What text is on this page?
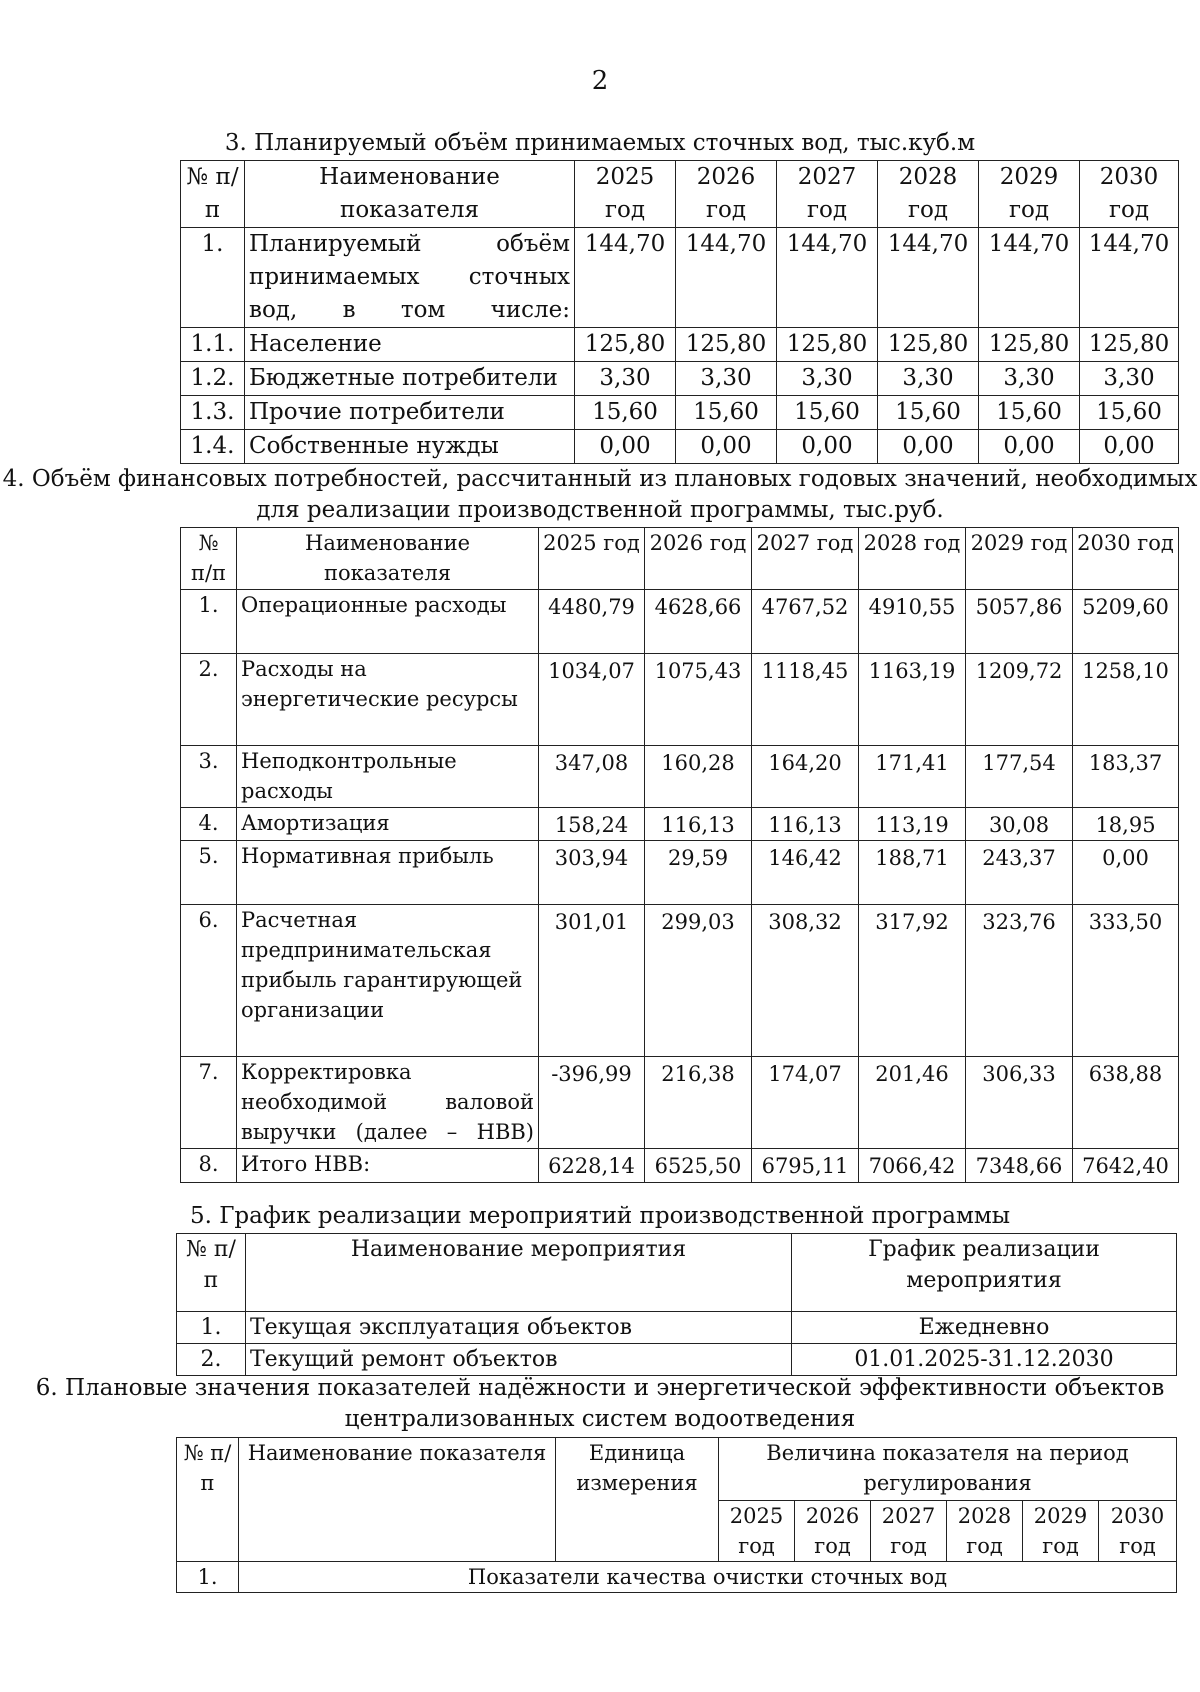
2
3. Планируемый объём принимаемых сточных вод, тыс.куб.м
№ п/п	Наименование показателя	2025 год	2026 год	2027 год	2028 год	2029 год	2030 год
1.	Планируемый объём принимаемых сточных вод, в том числе:	144,70	144,70	144,70	144,70	144,70	144,70
1.1.	Население	125,80	125,80	125,80	125,80	125,80	125,80
1.2.	Бюджетные потребители	3,30	3,30	3,30	3,30	3,30	3,30
1.3.	Прочие потребители	15,60	15,60	15,60	15,60	15,60	15,60
1.4.	Собственные нужды	0,00	0,00	0,00	0,00	0,00	0,00
4. Объём финансовых потребностей, рассчитанный из плановых годовых значений, необходимых для реализации производственной программы, тыс.руб.
№ п/п	Наименование показателя	2025 год	2026 год	2027 год	2028 год	2029 год	2030 год
1.	Операционные расходы	4480,79	4628,66	4767,52	4910,55	5057,86	5209,60
2.	Расходы на энергетические ресурсы	1034,07	1075,43	1118,45	1163,19	1209,72	1258,10
3.	Неподконтрольные расходы	347,08	160,28	164,20	171,41	177,54	183,37
4.	Амортизация	158,24	116,13	116,13	113,19	30,08	18,95
5.	Нормативная прибыль	303,94	29,59	146,42	188,71	243,37	0,00
6.	Расчетная предпринимательская прибыль гарантирующей организации	301,01	299,03	308,32	317,92	323,76	333,50
7.	Корректировка необходимой валовой выручки (далее – НВВ)	-396,99	216,38	174,07	201,46	306,33	638,88
8.	Итого НВВ:	6228,14	6525,50	6795,11	7066,42	7348,66	7642,40
5. График реализации мероприятий производственной программы
№ п/п	Наименование мероприятия	График реализации мероприятия
1.	Текущая эксплуатация объектов	Ежедневно
2.	Текущий ремонт объектов	01.01.2025-31.12.2030
6. Плановые значения показателей надёжности и энергетической эффективности объектов централизованных систем водоотведения
№ п/п	Наименование показателя	Единица измерения	Величина показателя на период регулирования					
			2025 год	2026 год	2027 год	2028 год	2029 год	2030 год
1.	Показатели качества очистки сточных вод							
